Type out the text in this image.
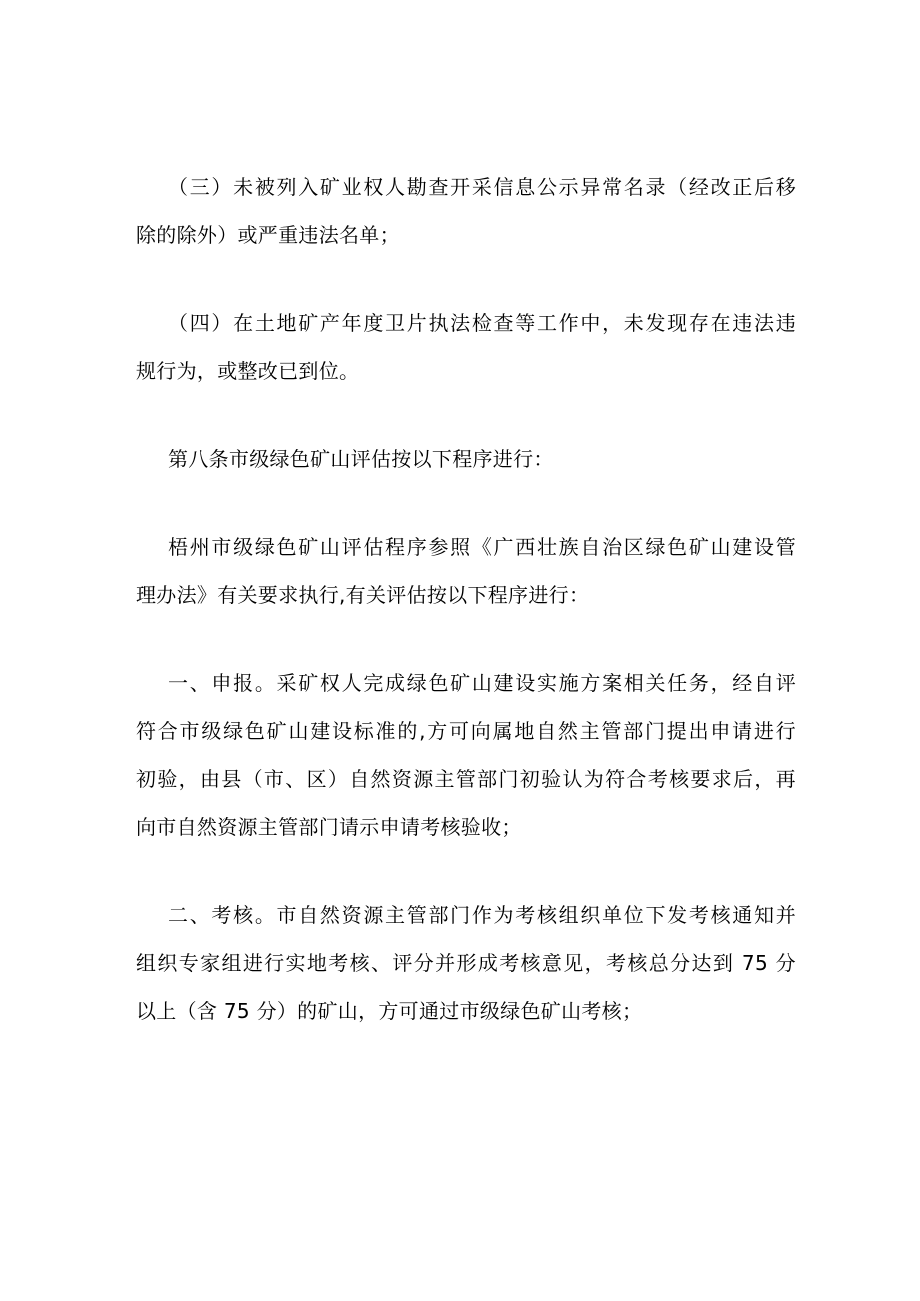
（三）未被列入矿业权人勘查开采信息公示异常名录（经改正后移
除的除外）或严重违法名单；
（四）在土地矿产年度卫片执法检查等工作中，未发现存在违法违
规行为，或整改已到位。
第八条市级绿色矿山评估按以下程序进行：
梧州市级绿色矿山评估程序参照《广西壮族自治区绿色矿山建设管
理办法》有关要求执行,有关评估按以下程序进行：
一、申报。采矿权人完成绿色矿山建设实施方案相关任务，经自评
符合市级绿色矿山建设标准的,方可向属地自然主管部门提出申请进行
初验，由县（市、区）自然资源主管部门初验认为符合考核要求后，再
向市自然资源主管部门请示申请考核验收；
二、考核。市自然资源主管部门作为考核组织单位下发考核通知并
组织专家组进行实地考核、评分并形成考核意见，考核总分达到 75 分
以上（含 75 分）的矿山，方可通过市级绿色矿山考核；
